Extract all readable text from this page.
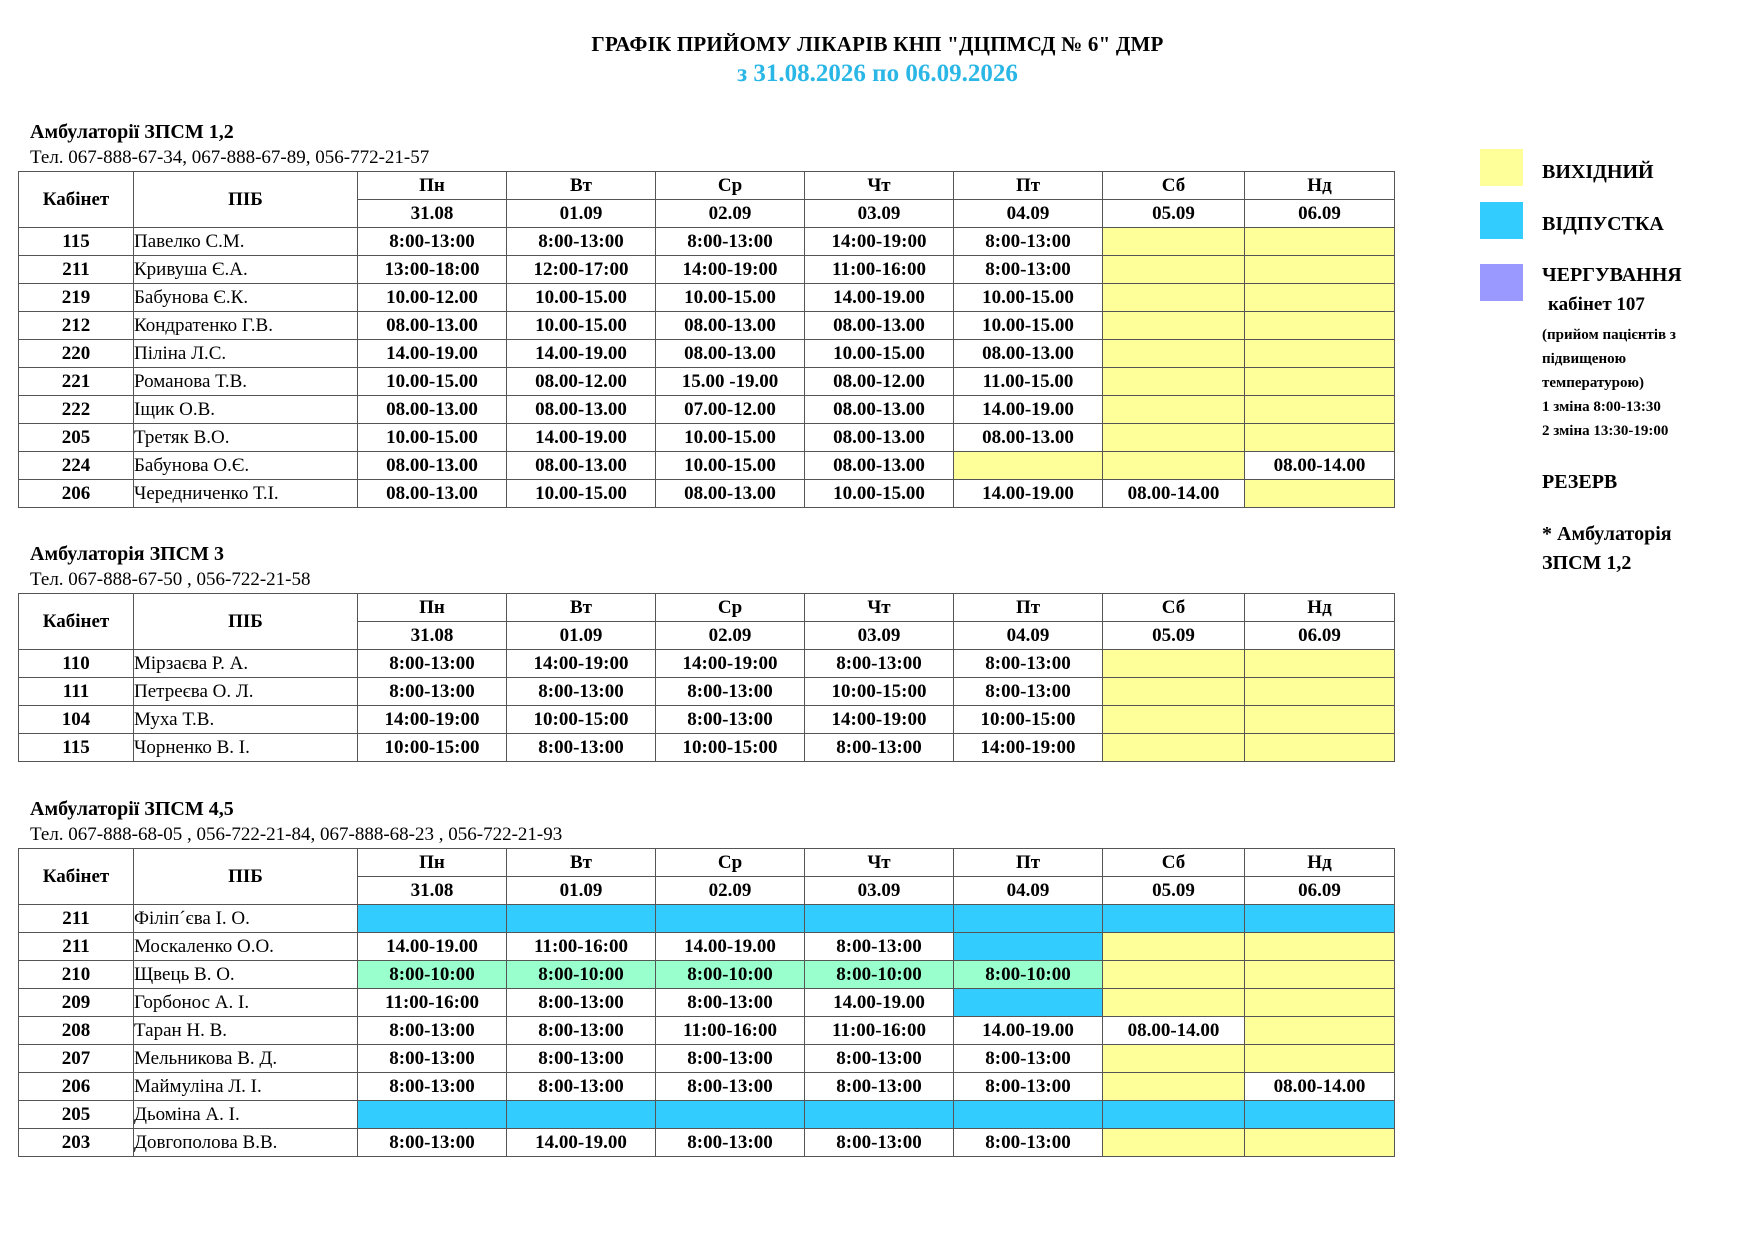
ГРАФІК ПРИЙОМУ ЛІКАРІВ КНП "ДЦПМСД № 6" ДМР
з 31.08.2026 по 06.09.2026
Амбулаторії ЗПСМ 1,2
Тел. 067-888-67-34, 067-888-67-89, 056-772-21-57
Кабінет	ПІБ	Пн	Вт	Ср	Чт	Пт	Сб	Нд
		31.08	01.09	02.09	03.09	04.09	05.09	06.09
115	Павелко С.М.	8:00-13:00	8:00-13:00	8:00-13:00	14:00-19:00	8:00-13:00		
211	Кривуша Є.А.	13:00-18:00	12:00-17:00	14:00-19:00	11:00-16:00	8:00-13:00		
219	Бабунова Є.К.	10.00-12.00	10.00-15.00	10.00-15.00	14.00-19.00	10.00-15.00		
212	Кондратенко Г.В.	08.00-13.00	10.00-15.00	08.00-13.00	08.00-13.00	10.00-15.00		
220	Піліна Л.С.	14.00-19.00	14.00-19.00	08.00-13.00	10.00-15.00	08.00-13.00		
221	Романова Т.В.	10.00-15.00	08.00-12.00	15.00 -19.00	08.00-12.00	11.00-15.00		
222	Іщик О.В.	08.00-13.00	08.00-13.00	07.00-12.00	08.00-13.00	14.00-19.00		
205	Третяк В.О.	10.00-15.00	14.00-19.00	10.00-15.00	08.00-13.00	08.00-13.00		
224	Бабунова О.Є.	08.00-13.00	08.00-13.00	10.00-15.00	08.00-13.00			08.00-14.00
206	Чередниченко Т.І.	08.00-13.00	10.00-15.00	08.00-13.00	10.00-15.00	14.00-19.00	08.00-14.00	
Амбулаторія ЗПСМ 3
Тел. 067-888-67-50 , 056-722-21-58
Кабінет	ПІБ	Пн	Вт	Ср	Чт	Пт	Сб	Нд
		31.08	01.09	02.09	03.09	04.09	05.09	06.09
110	Мірзаєва Р. А.	8:00-13:00	14:00-19:00	14:00-19:00	8:00-13:00	8:00-13:00		
111	Петреєва О. Л.	8:00-13:00	8:00-13:00	8:00-13:00	10:00-15:00	8:00-13:00		
104	Муха Т.В.	14:00-19:00	10:00-15:00	8:00-13:00	14:00-19:00	10:00-15:00		
115	Чорненко В. І.	10:00-15:00	8:00-13:00	10:00-15:00	8:00-13:00	14:00-19:00		
Амбулаторії ЗПСМ 4,5
Тел. 067-888-68-05 , 056-722-21-84, 067-888-68-23 , 056-722-21-93
Кабінет	ПІБ	Пн	Вт	Ср	Чт	Пт	Сб	Нд
		31.08	01.09	02.09	03.09	04.09	05.09	06.09
211	Філіп´єва І. О.							
211	Москаленко О.О.	14.00-19.00	11:00-16:00	14.00-19.00	8:00-13:00			
210	Щвець В. О.	8:00-10:00	8:00-10:00	8:00-10:00	8:00-10:00	8:00-10:00		
209	Горбонос А. І.	11:00-16:00	8:00-13:00	8:00-13:00	14.00-19.00			
208	Таран Н. В.	8:00-13:00	8:00-13:00	11:00-16:00	11:00-16:00	14.00-19.00	08.00-14.00	
207	Мельникова В. Д.	8:00-13:00	8:00-13:00	8:00-13:00	8:00-13:00	8:00-13:00		
206	Маймуліна Л. І.	8:00-13:00	8:00-13:00	8:00-13:00	8:00-13:00	8:00-13:00		08.00-14.00
205	Дьоміна А. І.							
203	Довгополова В.В.	8:00-13:00	14.00-19.00	8:00-13:00	8:00-13:00	8:00-13:00		
ВИХІДНИЙ
ВІДПУСТКА
ЧЕРГУВАННЯ
кабінет 107
(прийом пацієнтів з
підвищеною
температурою)
1 зміна 8:00-13:30
2 зміна 13:30-19:00
РЕЗЕРВ
* Амбулаторія
ЗПСМ 1,2
